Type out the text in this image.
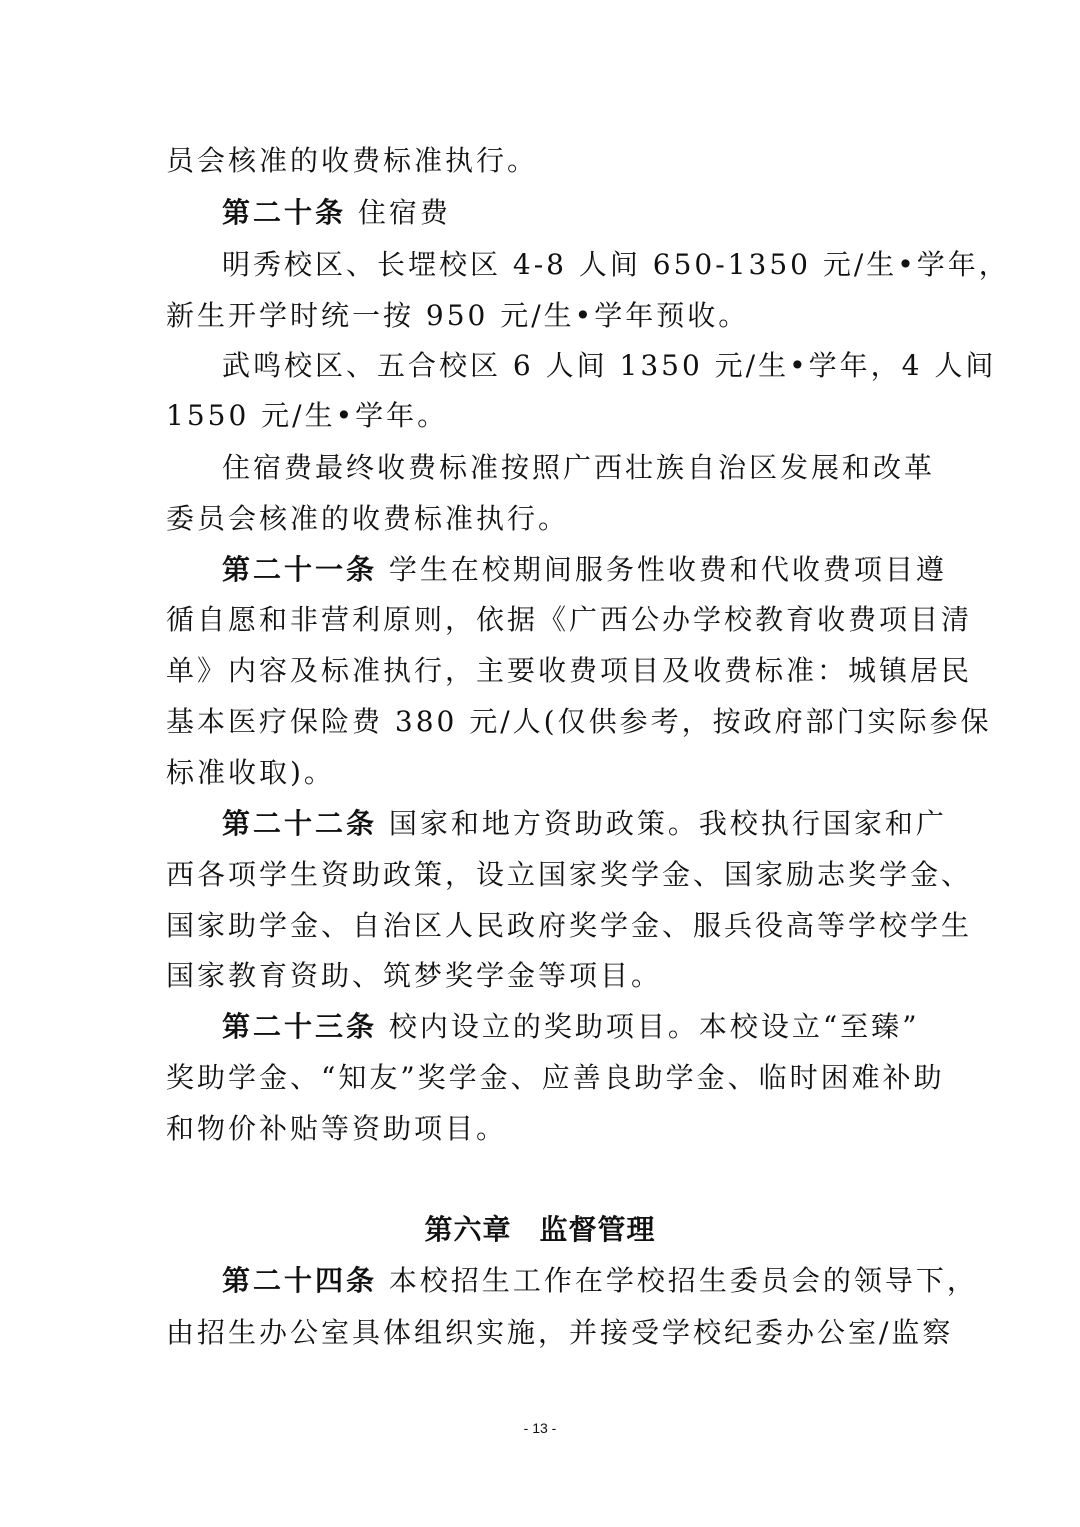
员会核准的收费标准执行。
第二十条 住宿费
明秀校区、长堽校区 4-8 人间 650-1350 元/生•学年，
新生开学时统一按 950 元/生•学年预收。
武鸣校区、五合校区 6 人间 1350 元/生•学年，4 人间
1550 元/生•学年。
住宿费最终收费标准按照广西壮族自治区发展和改革
委员会核准的收费标准执行。
第二十一条 学生在校期间服务性收费和代收费项目遵
循自愿和非营利原则，依据《广西公办学校教育收费项目清
单》内容及标准执行，主要收费项目及收费标准：城镇居民
基本医疗保险费 380 元/人(仅供参考，按政府部门实际参保
标准收取)。
第二十二条 国家和地方资助政策。我校执行国家和广
西各项学生资助政策，设立国家奖学金、国家励志奖学金、
国家助学金、自治区人民政府奖学金、服兵役高等学校学生
国家教育资助、筑梦奖学金等项目。
第二十三条 校内设立的奖助项目。本校设立“至臻”
奖助学金、“知友”奖学金、应善良助学金、临时困难补助
和物价补贴等资助项目。
第六章 监督管理
第二十四条 本校招生工作在学校招生委员会的领导下，
由招生办公室具体组织实施，并接受学校纪委办公室/监察
- 13 -
